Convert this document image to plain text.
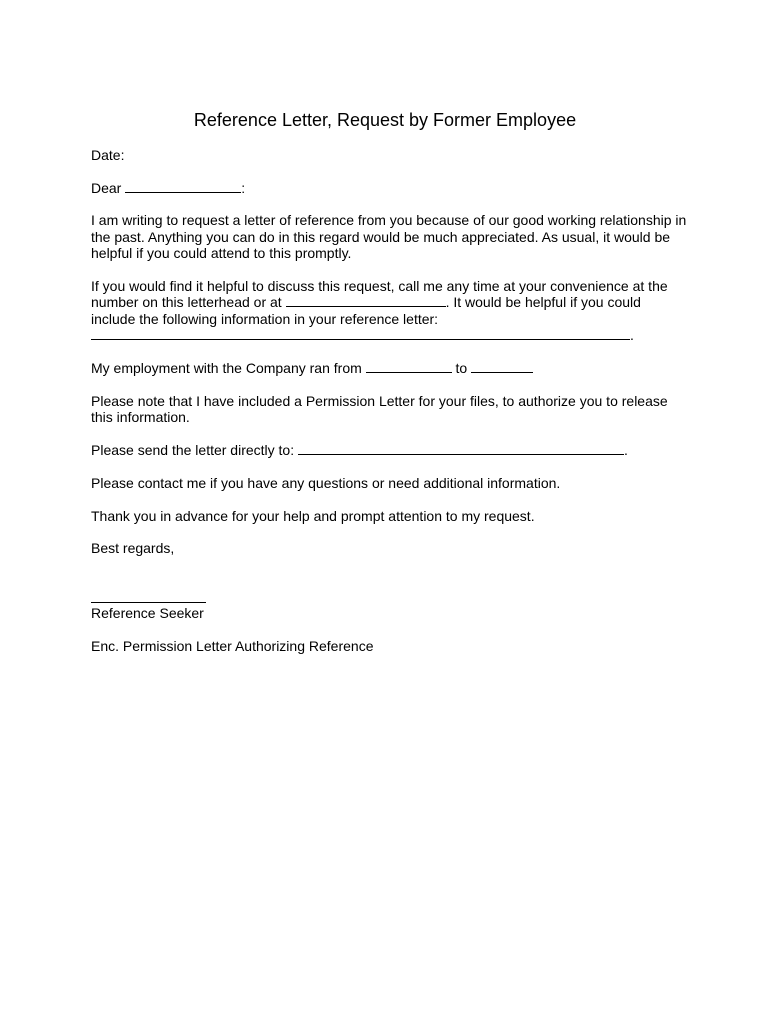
Reference Letter, Request by Former Employee
Date:
Dear	:
I am writing to request a letter of reference from you because of our good working relationship in
the past. Anything you can do in this regard would be much appreciated. As usual, it would be
helpful if you could attend to this promptly.
If you would find it helpful to discuss this request, call me any time at your convenience at the
number on this letterhead or at	. It would be helpful if you could
include the following information in your reference letter:
.
My employment with the Company ran from	to
Please note that I have included a Permission Letter for your files, to authorize you to release
this information.
Please send the letter directly to:	.
Please contact me if you have any questions or need additional information.
Thank you in advance for your help and prompt attention to my request.
Best regards,
Reference Seeker
Enc. Permission Letter Authorizing Reference
